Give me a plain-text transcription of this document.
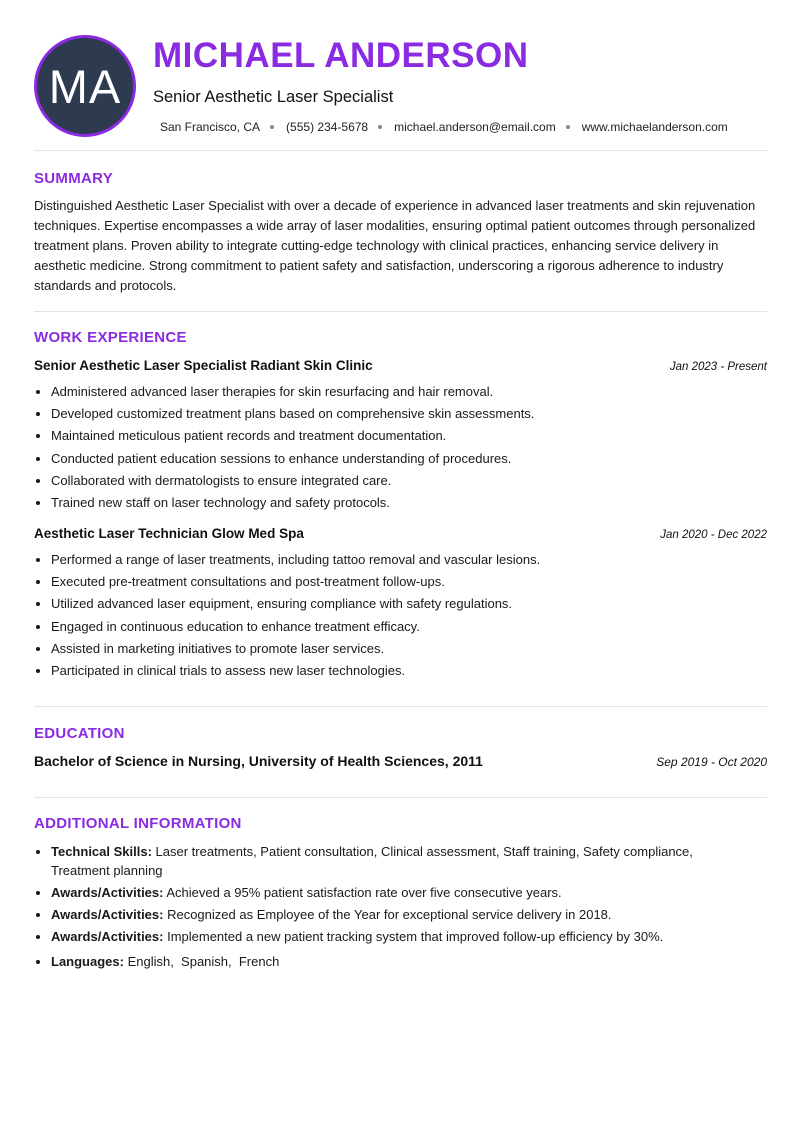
MA
MICHAEL ANDERSON
Senior Aesthetic Laser Specialist
San Francisco, CA (555) 234-5678 michael.anderson@email.com www.michaelanderson.com
SUMMARY
Distinguished Aesthetic Laser Specialist with over a decade of experience in advanced laser treatments and skin rejuvenation techniques. Expertise encompasses a wide array of laser modalities, ensuring optimal patient outcomes through personalized treatment plans. Proven ability to integrate cutting-edge technology with clinical practices, enhancing service delivery in aesthetic medicine. Strong commitment to patient safety and satisfaction, underscoring a rigorous adherence to industry standards and protocols.
WORK EXPERIENCE
Senior Aesthetic Laser Specialist Radiant Skin Clinic	Jan 2023 - Present
• Administered advanced laser therapies for skin resurfacing and hair removal.
• Developed customized treatment plans based on comprehensive skin assessments.
• Maintained meticulous patient records and treatment documentation.
• Conducted patient education sessions to enhance understanding of procedures.
• Collaborated with dermatologists to ensure integrated care.
• Trained new staff on laser technology and safety protocols.
Aesthetic Laser Technician Glow Med Spa	Jan 2020 - Dec 2022
• Performed a range of laser treatments, including tattoo removal and vascular lesions.
• Executed pre-treatment consultations and post-treatment follow-ups.
• Utilized advanced laser equipment, ensuring compliance with safety regulations.
• Engaged in continuous education to enhance treatment efficacy.
• Assisted in marketing initiatives to promote laser services.
• Participated in clinical trials to assess new laser technologies.
EDUCATION
Bachelor of Science in Nursing, University of Health Sciences, 2011	Sep 2019 - Oct 2020
ADDITIONAL INFORMATION
• Technical Skills: Laser treatments, Patient consultation, Clinical assessment, Staff training, Safety compliance, Treatment planning
• Awards/Activities: Achieved a 95% patient satisfaction rate over five consecutive years.
• Awards/Activities: Recognized as Employee of the Year for exceptional service delivery in 2018.
• Awards/Activities: Implemented a new patient tracking system that improved follow-up efficiency by 30%.
• Languages: English,  Spanish,  French
